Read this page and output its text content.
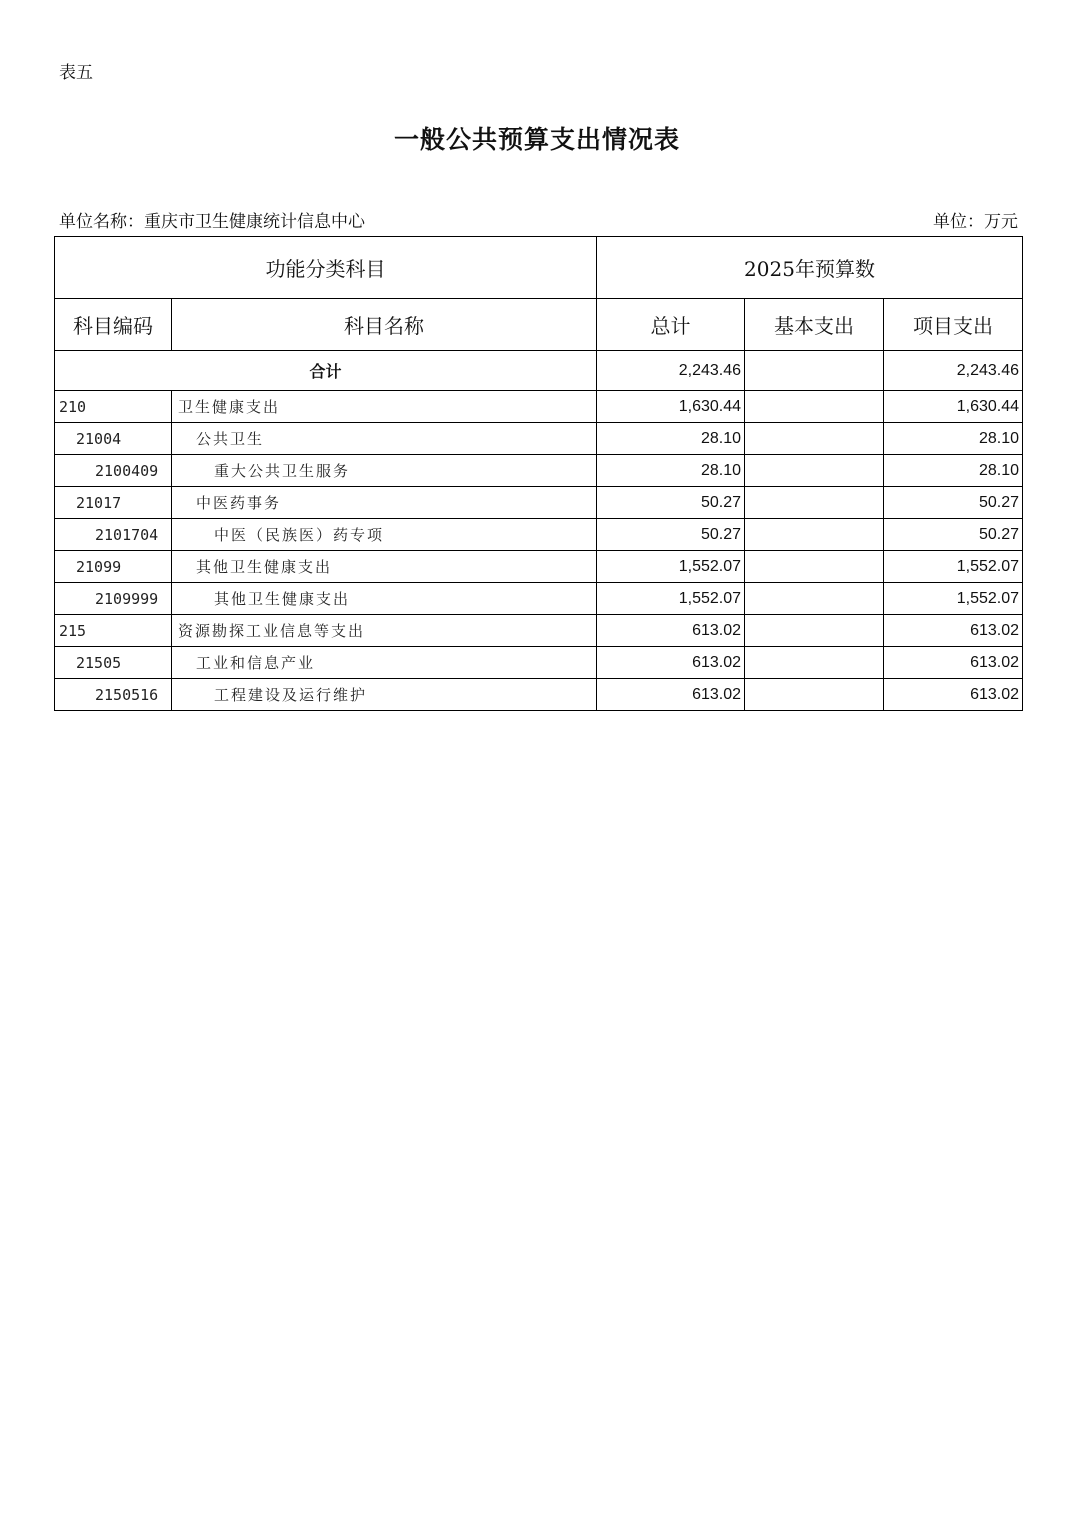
表五
一般公共预算支出情况表
单位名称：重庆市卫生健康统计信息中心	单位：万元
功能分类科目		2025年预算数		
科目编码	科目名称	总计	基本支出	项目支出
合计		2,243.46		2,243.46
210	卫生健康支出	1,630.44		1,630.44
21004	公共卫生	28.10		28.10
2100409	重大公共卫生服务	28.10		28.10
21017	中医药事务	50.27		50.27
2101704	中医（民族医）药专项	50.27		50.27
21099	其他卫生健康支出	1,552.07		1,552.07
2109999	其他卫生健康支出	1,552.07		1,552.07
215	资源勘探工业信息等支出	613.02		613.02
21505	工业和信息产业	613.02		613.02
2150516	工程建设及运行维护	613.02		613.02
